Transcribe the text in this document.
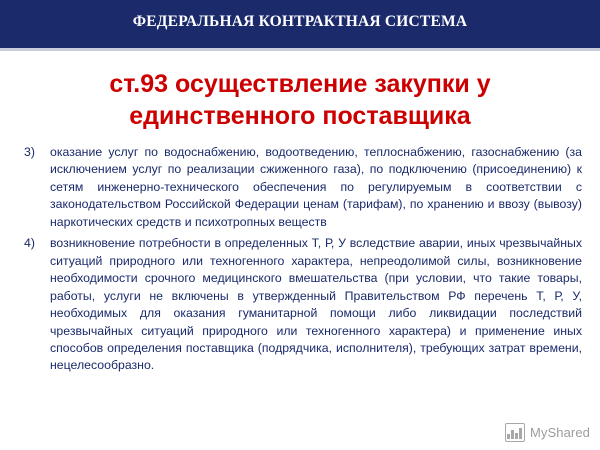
ФЕДЕРАЛЬНАЯ КОНТРАКТНАЯ СИСТЕМА
ст.93 осуществление закупки у единственного поставщика
3)	оказание услуг по водоснабжению, водоотведению, теплоснабжению, газоснабжению (за исключением услуг по реализации сжиженного газа), по подключению (присоединению) к сетям инженерно-технического обеспечения по регулируемым в соответствии с законодательством Российской Федерации ценам (тарифам), по хранению и ввозу (вывозу) наркотических средств и психотропных веществ
4)	возникновение потребности в определенных Т, Р, У вследствие аварии, иных чрезвычайных ситуаций природного или техногенного характера, непреодолимой силы, возникновение необходимости срочного медицинского вмешательства (при условии, что такие товары, работы, услуги не включены в утвержденный Правительством РФ перечень Т, Р, У, необходимых для оказания гуманитарной помощи либо ликвидации последствий чрезвычайных ситуаций природного или техногенного характера) и применение иных способов определения поставщика (подрядчика, исполнителя), требующих затрат времени, нецелесообразно.
MyShared
